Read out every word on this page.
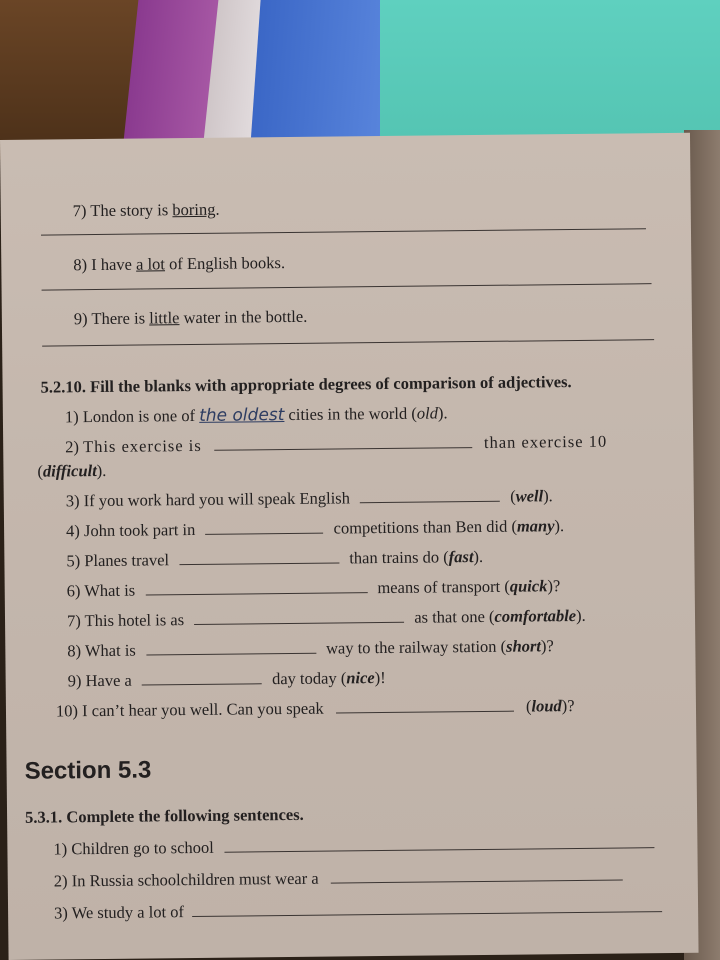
7) The story is boring.
8) I have a lot of English books.
9) There is little water in the bottle.
5.2.10. Fill the blanks with appropriate degrees of comparison of adjectives.
1) London is one of the oldest cities in the world (old).
2) This exercise is	than exercise 10
(difficult).
3) If you work hard you will speak English	(well).
4) John took part in	competitions than Ben did (many).
5) Planes travel	than trains do (fast).
6) What is	means of transport (quick)?
7) This hotel is as	as that one (comfortable).
8) What is	way to the railway station (short)?
9) Have a	day today (nice)!
10) I can’t hear you well. Can you speak	(loud)?
Section 5.3
5.3.1. Complete the following sentences.
1) Children go to school
2) In Russia schoolchildren must wear a
3) We study a lot of
